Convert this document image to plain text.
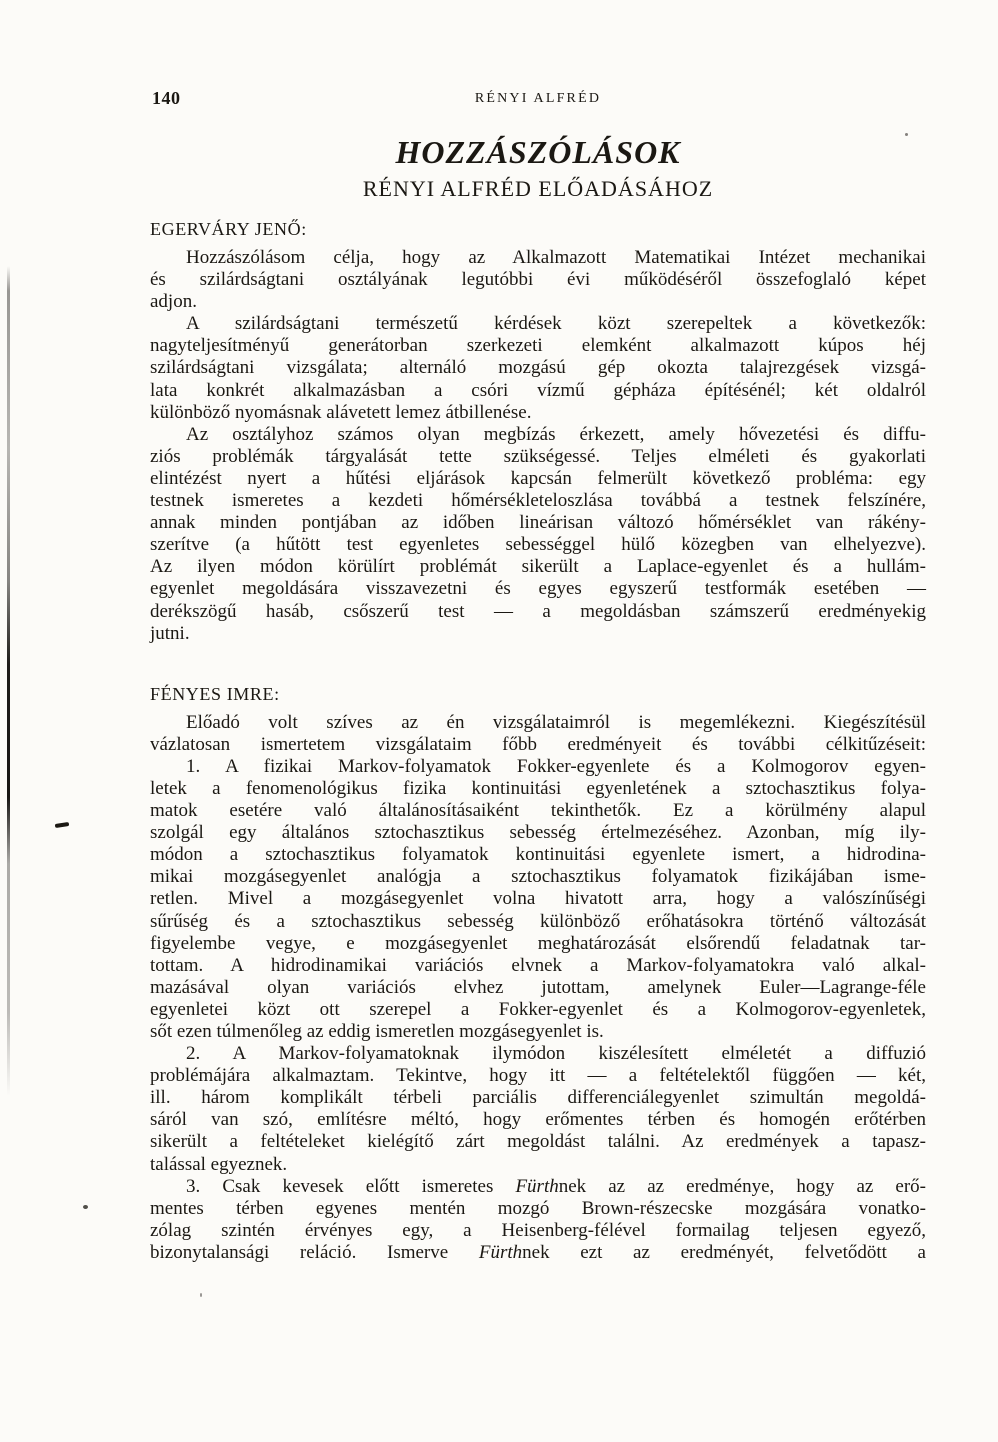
140	RÉNYI ALFRÉD
HOZZÁSZÓLÁSOK
RÉNYI ALFRÉD ELŐADÁSÁHOZ
EGERVÁRY JENŐ:
Hozzászólásom célja, hogy az Alkalmazott Matematikai Intézet mechanikai
és szilárdságtani osztályának legutóbbi évi működéséről összefoglaló képet
adjon.
A szilárdságtani természetű kérdések közt szerepeltek a következők:
nagyteljesítményű generátorban szerkezeti elemként alkalmazott kúpos héj
szilárdságtani vizsgálata; alternáló mozgású gép okozta talajrezgések vizsgá-
lata konkrét alkalmazásban a csóri vízmű gépháza építésénél; két oldalról
különböző nyomásnak alávetett lemez átbillenése.
Az osztályhoz számos olyan megbízás érkezett, amely hővezetési és diffu-
ziós problémák tárgyalását tette szükségessé. Teljes elméleti és gyakorlati
elintézést nyert a hűtési eljárások kapcsán felmerült következő probléma: egy
testnek ismeretes a kezdeti hőmérsékleteloszlása továbbá a testnek felszínére,
annak minden pontjában az időben lineárisan változó hőmérséklet van rákény-
szerítve (a hűtött test egyenletes sebességgel hülő közegben van elhelyezve).
Az ilyen módon körülírt problémát sikerült a Laplace-egyenlet és a hullám-
egyenlet megoldására visszavezetni és egyes egyszerű testformák esetében —
derékszögű hasáb, csőszerű test — a megoldásban számszerű eredményekig
jutni.
FÉNYES IMRE:
Előadó volt szíves az én vizsgálataimról is megemlékezni. Kiegészítésül
vázlatosan ismertetem vizsgálataim főbb eredményeit és további célkitűzéseit:
1. A fizikai Markov-folyamatok Fokker-egyenlete és a Kolmogorov egyen-
letek a fenomenológikus fizika kontinuitási egyenletének a sztochasztikus folya-
matok esetére való általánosításaiként tekinthetők. Ez a körülmény alapul
szolgál egy általános sztochasztikus sebesség értelmezéséhez. Azonban, míg ily-
módon a sztochasztikus folyamatok kontinuitási egyenlete ismert, a hidrodina-
mikai mozgásegyenlet analógja a sztochasztikus folyamatok fizikájában isme-
retlen. Mivel a mozgásegyenlet volna hivatott arra, hogy a valószínűségi
sűrűség és a sztochasztikus sebesség különböző erőhatásokra történő változását
figyelembe vegye, e mozgásegyenlet meghatározását elsőrendű feladatnak tar-
tottam. A hidrodinamikai variációs elvnek a Markov-folyamatokra való alkal-
mazásával olyan variációs elvhez jutottam, amelynek Euler—Lagrange-féle
egyenletei közt ott szerepel a Fokker-egyenlet és a Kolmogorov-egyenletek,
sőt ezen túlmenőleg az eddig ismeretlen mozgásegyenlet is.
2. A Markov-folyamatoknak ilymódon kiszélesített elméletét a diffuzió
problémájára alkalmaztam. Tekintve, hogy itt — a feltételektől függően — két,
ill. három komplikált térbeli parciális differenciálegyenlet szimultán megoldá-
sáról van szó, említésre méltó, hogy erőmentes térben és homogén erőtérben
sikerült a feltételeket kielégítő zárt megoldást találni. Az eredmények a tapasz-
talással egyeznek.
3. Csak kevesek előtt ismeretes Fürthnek az az eredménye, hogy az erő-
mentes térben egyenes mentén mozgó Brown-részecske mozgására vonatko-
zólag szintén érvényes egy, a Heisenberg-félével formailag teljesen egyező,
bizonytalansági reláció. Ismerve Fürthnek ezt az eredményét, felvetődött a
